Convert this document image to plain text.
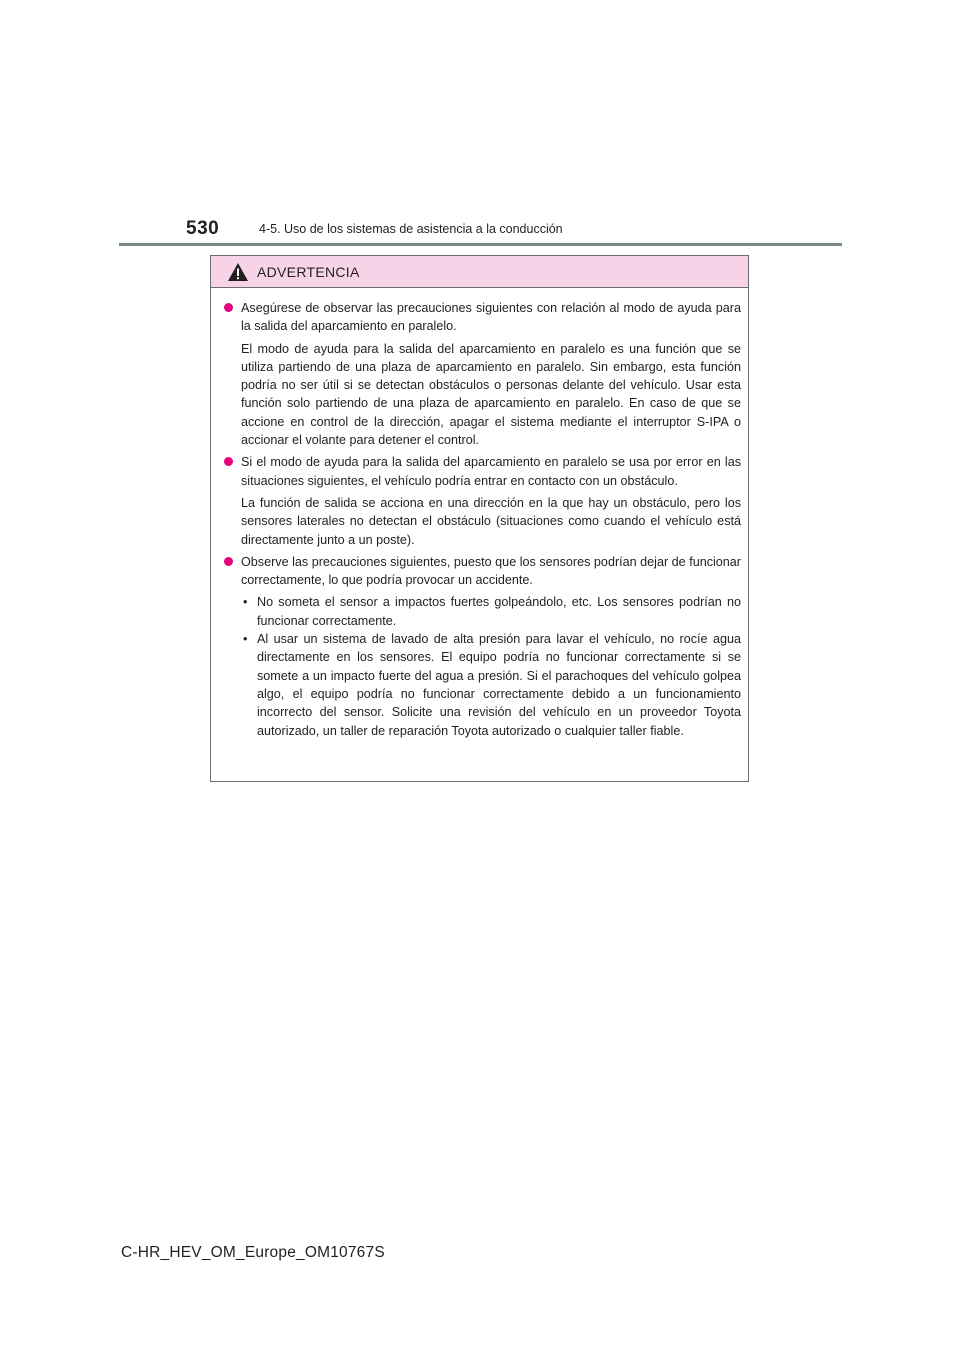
530	4-5. Uso de los sistemas de asistencia a la conducción
ADVERTENCIA

Asegúrese de observar las precauciones siguientes con relación al modo de ayuda para la salida del aparcamiento en paralelo.

El modo de ayuda para la salida del aparcamiento en paralelo es una función que se utiliza partiendo de una plaza de aparcamiento en paralelo. Sin embargo, esta función podría no ser útil si se detectan obstáculos o personas delante del vehículo. Usar esta función solo partiendo de una plaza de aparcamiento en paralelo. En caso de que se accione en control de la dirección, apagar el sistema mediante el interruptor S-IPA o accionar el volante para detener el control.

Si el modo de ayuda para la salida del aparcamiento en paralelo se usa por error en las situaciones siguientes, el vehículo podría entrar en contacto con un obstáculo.

La función de salida se acciona en una dirección en la que hay un obstáculo, pero los sensores laterales no detectan el obstáculo (situaciones como cuando el vehículo está directamente junto a un poste).

Observe las precauciones siguientes, puesto que los sensores podrían dejar de funcionar correctamente, lo que podría provocar un accidente.

• No someta el sensor a impactos fuertes golpeándolo, etc. Los sensores podrían no funcionar correctamente.
• Al usar un sistema de lavado de alta presión para lavar el vehículo, no rocíe agua directamente en los sensores. El equipo podría no funcionar correctamente si se somete a un impacto fuerte del agua a presión. Si el parachoques del vehículo golpea algo, el equipo podría no funcionar correctamente debido a un funcionamiento incorrecto del sensor. Solicite una revisión del vehículo en un proveedor Toyota autorizado, un taller de reparación Toyota autorizado o cualquier taller fiable.
C-HR_HEV_OM_Europe_OM10767S
